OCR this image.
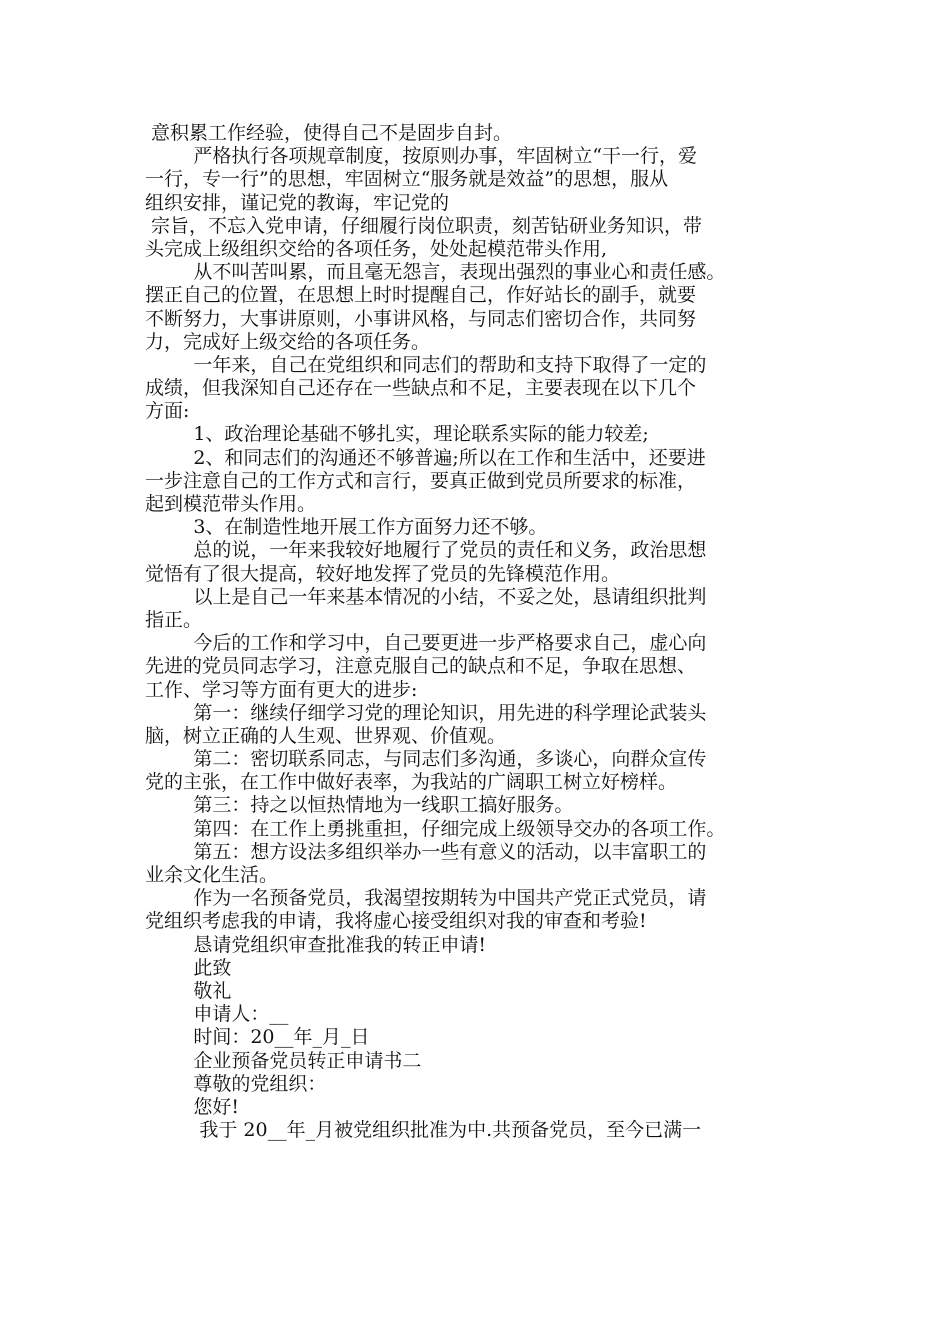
意积累工作经验，使得自己不是固步自封。
严格执行各项规章制度，按原则办事，牢固树立“干一行，爱
一行，专一行”的思想，牢固树立“服务就是效益”的思想，服从
组织安排，谨记党的教诲，牢记党的
宗旨，不忘入党申请，仔细履行岗位职责，刻苦钻研业务知识，带
头完成上级组织交给的各项任务，处处起模范带头作用,
从不叫苦叫累，而且毫无怨言，表现出强烈的事业心和责任感。
摆正自己的位置，在思想上时时提醒自己，作好站长的副手，就要
不断努力，大事讲原则，小事讲风格，与同志们密切合作，共同努
力，完成好上级交给的各项任务。
一年来，自己在党组织和同志们的帮助和支持下取得了一定的
成绩，但我深知自己还存在一些缺点和不足，主要表现在以下几个
方面:
1、政治理论基础不够扎实，理论联系实际的能力较差;
2、和同志们的沟通还不够普遍;所以在工作和生活中，还要进
一步注意自己的工作方式和言行，要真正做到党员所要求的标准，
起到模范带头作用。
3、在制造性地开展工作方面努力还不够。
总的说，一年来我较好地履行了党员的责任和义务，政治思想
觉悟有了很大提高，较好地发挥了党员的先锋模范作用。
以上是自己一年来基本情况的小结，不妥之处，恳请组织批判
指正。
今后的工作和学习中，自己要更进一步严格要求自己，虚心向
先进的党员同志学习，注意克服自己的缺点和不足，争取在思想、
工作、学习等方面有更大的进步:
第一：继续仔细学习党的理论知识，用先进的科学理论武装头
脑，树立正确的人生观、世界观、价值观。
第二：密切联系同志，与同志们多沟通，多谈心，向群众宣传
党的主张，在工作中做好表率，为我站的广阔职工树立好榜样。
第三：持之以恒热情地为一线职工搞好服务。
第四：在工作上勇挑重担，仔细完成上级领导交办的各项工作。
第五：想方设法多组织举办一些有意义的活动，以丰富职工的
业余文化生活。
作为一名预备党员，我渴望按期转为中国共产党正式党员，请
党组织考虑我的申请，我将虚心接受组织对我的审查和考验!
恳请党组织审查批准我的转正申请!
此致
敬礼
申请人：__
时间：20__年_月_日
企业预备党员转正申请书二
尊敬的党组织：
您好!
我于 20__年_月被党组织批准为中.共预备党员，至今已满一
